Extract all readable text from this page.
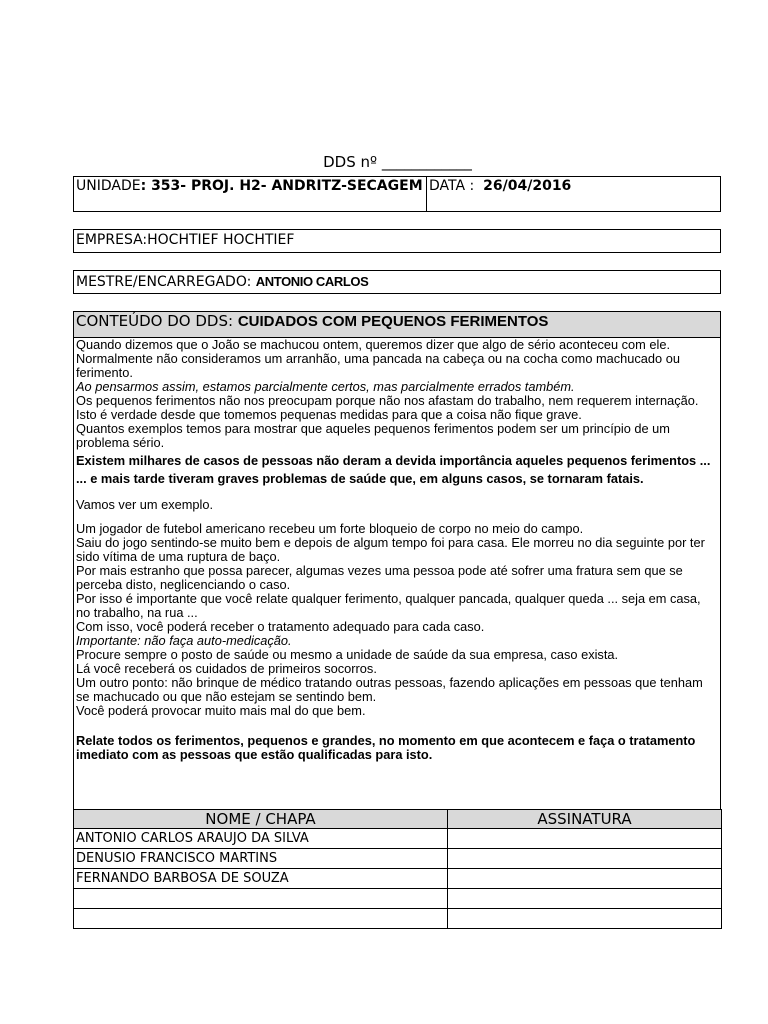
DDS nº ____________
UNIDADE: 353- PROJ. H2- ANDRITZ-SECAGEM DATA : 26/04/2016
EMPRESA:HOCHTIEF HOCHTIEF
MESTRE/ENCARREGADO: ANTONIO CARLOS
CONTEÚDO DO DDS: CUIDADOS COM PEQUENOS FERIMENTOS

Quando dizemos que o João se machucou ontem, queremos dizer que algo de sério aconteceu com ele.

Normalmente não consideramos um arranhão, uma pancada na cabeça ou na cocha como machucado ou ferimento.

Ao pensarmos assim, estamos parcialmente certos, mas parcialmente errados também.

Os pequenos ferimentos não nos preocupam porque não nos afastam do trabalho, nem requerem internação.

Isto é verdade desde que tomemos pequenas medidas para que a coisa não fique grave.

Quantos exemplos temos para mostrar que aqueles pequenos ferimentos podem ser um princípio de um problema sério.

Existem milhares de casos de pessoas não deram a devida importância aqueles pequenos ferimentos ...

... e mais tarde tiveram graves problemas de saúde que, em alguns casos, se tornaram fatais.

Vamos ver um exemplo.

Um jogador de futebol americano recebeu um forte bloqueio de corpo no meio do campo.

Saiu do jogo sentindo-se muito bem e depois de algum tempo foi para casa. Ele morreu no dia seguinte por ter sido vítima de uma ruptura de baço.

Por mais estranho que possa parecer, algumas vezes uma pessoa pode até sofrer uma fratura sem que se perceba disto, neglicenciando o caso.

Por isso é importante que você relate qualquer ferimento, qualquer pancada, qualquer queda ... seja em casa, no trabalho, na rua ...

Com isso, você poderá receber o tratamento adequado para cada caso.

Importante: não faça auto-medicação.

Procure sempre o posto de saúde ou mesmo a unidade de saúde da sua empresa, caso exista.

Lá você receberá os cuidados de primeiros socorros.

Um outro ponto: não brinque de médico tratando outras pessoas, fazendo aplicações em pessoas que tenham se machucado ou que não estejam se sentindo bem.

Você poderá provocar muito mais mal do que bem.

Relate todos os ferimentos, pequenos e grandes, no momento em que acontecem e faça o tratamento imediato com as pessoas que estão qualificadas para isto.

NOME / CHAPA	ASSINATURA
ANTONIO CARLOS ARAUJO DA SILVA	
DENUSIO FRANCISCO MARTINS	
FERNANDO BARBOSA DE SOUZA	
